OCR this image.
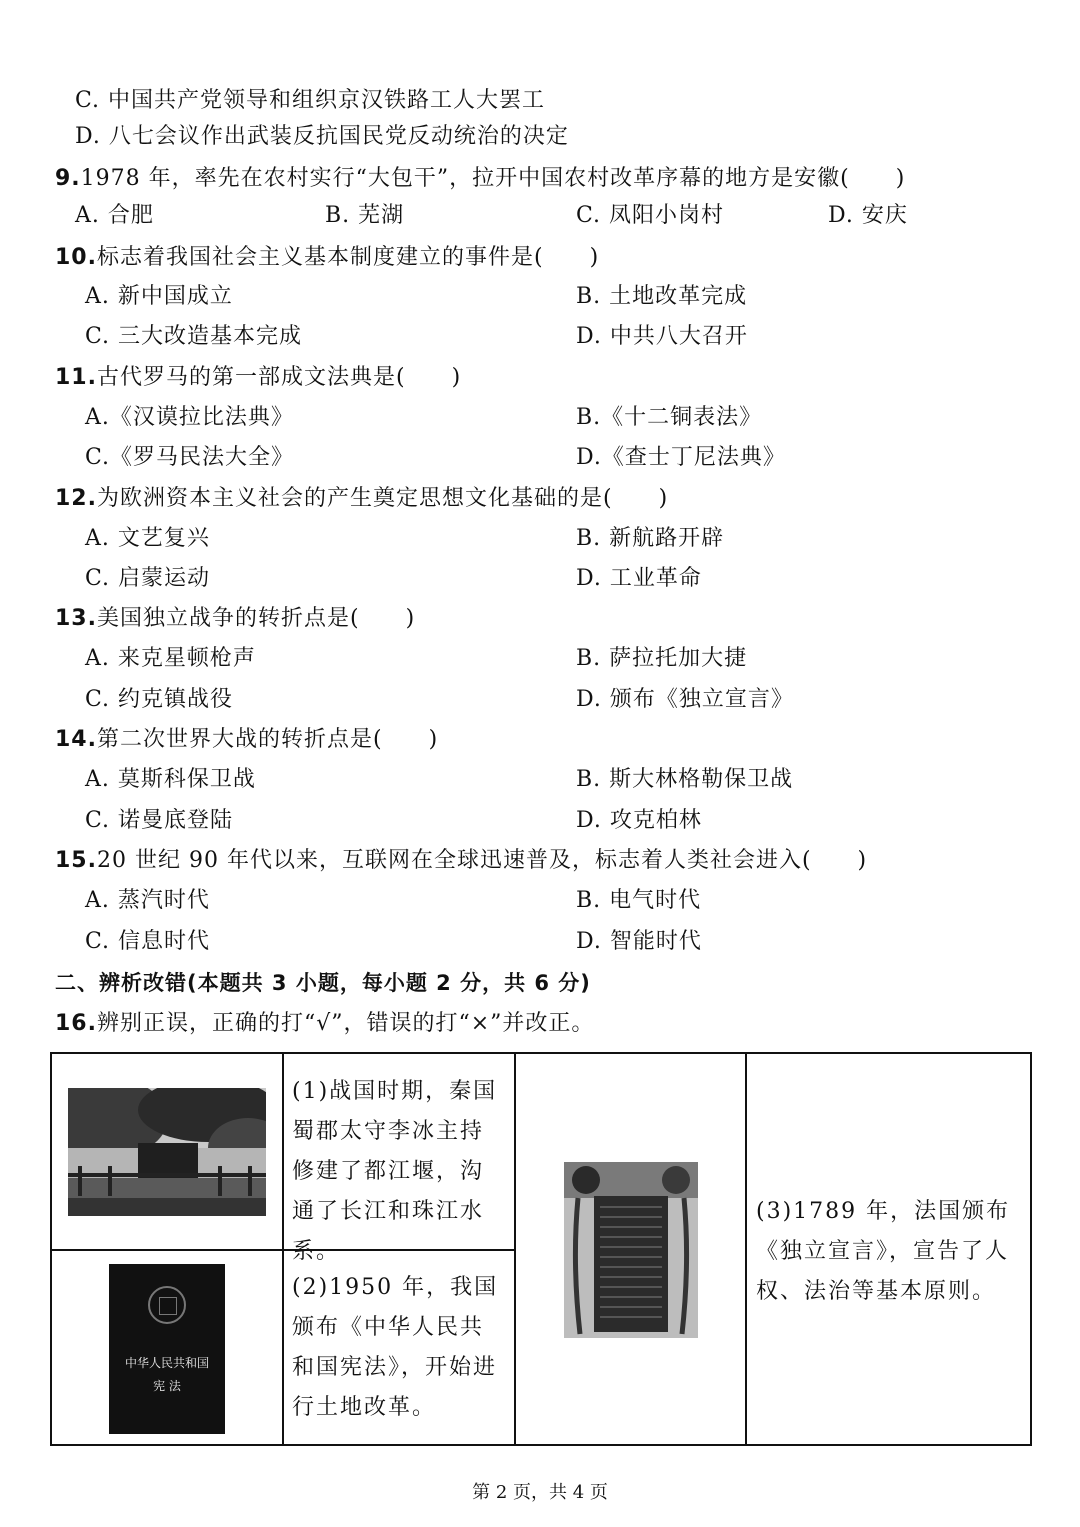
C. 中国共产党领导和组织京汉铁路工人大罢工
D. 八七会议作出武装反抗国民党反动统治的决定
9.1978 年，率先在农村实行“大包干”，拉开中国农村改革序幕的地方是安徽(　　)
A. 合肥	B. 芜湖	C. 凤阳小岗村	D. 安庆
10.标志着我国社会主义基本制度建立的事件是(　　)
A. 新中国成立	B. 土地改革完成
C. 三大改造基本完成	D. 中共八大召开
11.古代罗马的第一部成文法典是(　　)
A.《汉谟拉比法典》	B.《十二铜表法》
C.《罗马民法大全》	D.《查士丁尼法典》
12.为欧洲资本主义社会的产生奠定思想文化基础的是(　　)
A. 文艺复兴	B. 新航路开辟
C. 启蒙运动	D. 工业革命
13.美国独立战争的转折点是(　　)
A. 来克星顿枪声	B. 萨拉托加大捷
C. 约克镇战役	D. 颁布《独立宣言》
14.第二次世界大战的转折点是(　　)
A. 莫斯科保卫战	B. 斯大林格勒保卫战
C. 诺曼底登陆	D. 攻克柏林
15.20 世纪 90 年代以来，互联网在全球迅速普及，标志着人类社会进入(　　)
A. 蒸汽时代	B. 电气时代
C. 信息时代	D. 智能时代
二、辨析改错(本题共 3 小题，每小题 2 分，共 6 分)
16.辨别正误，正确的打“√”，错误的打“×”并改正。
中华人民共和国
宪 法
(1)战国时期，秦国蜀郡太守李冰主持修建了都江堰，沟通了长江和珠江水系。
(2)1950 年，我国颁布《中华人民共和国宪法》，开始进行土地改革。
(3)1789 年，法国颁布《独立宣言》，宣告了人权、法治等基本原则。
第 2 页，共 4 页
